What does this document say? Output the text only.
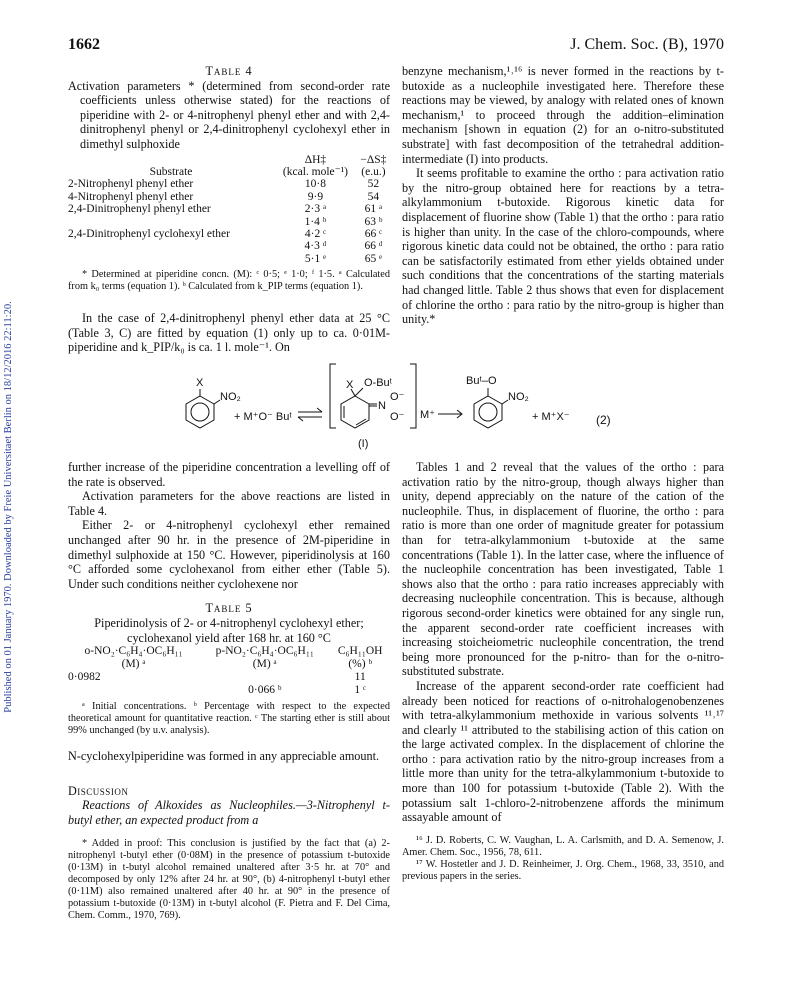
Published on 01 January 1970. Downloaded by Freie Universitaet Berlin on 18/12/2016 22:11:20.
1662	J. Chem. Soc. (B), 1970
Table 4
Activation parameters * (determined from second-order rate coefficients unless otherwise stated) for the reactions of piperidine with 2- or 4-nitrophenyl phenyl ether and with 2,4-dinitrophenyl phenyl or 2,4-dinitrophenyl cyclohexyl ether in dimethyl sulphoxide
	ΔH‡	−ΔS‡
Substrate	(kcal. mole⁻¹)	(e.u.)
2-Nitrophenyl phenyl ether	10·8	52
4-Nitrophenyl phenyl ether	9·9	54
2,4-Dinitrophenyl phenyl ether	2·3 ᵃ	61 ᵃ
	1·4 ᵇ	63 ᵇ
2,4-Dinitrophenyl cyclohexyl ether	4·2 ᶜ	66 ᶜ
	4·3 ᵈ	66 ᵈ
	5·1 ᵉ	65 ᵉ
* Determined at piperidine concn. (M): ᶜ 0·5; ᵉ 1·0; ᶠ 1·5. ᵃ Calculated from k₀ terms (equation 1). ᵇ Calculated from k_PIP terms (equation 1).

In the case of 2,4-dinitrophenyl phenyl ether data at 25 °C (Table 3, C) are fitted by equation (1) only up to ca. 0·01M-piperidine and k_PIP/k₀ is ca. 1 l. mole⁻¹. On

benzyne mechanism,¹˒¹⁶ is never formed in the reactions by t-butoxide as a nucleophile investigated here. Therefore these reactions may be viewed, by analogy with related ones of known mechanism,¹ to proceed through the addition–elimination mechanism [shown in equation (2) for an o-nitro-substituted substrate] with fast decomposition of the tetrahedral addition-intermediate (I) into products.

It seems profitable to examine the ortho : para activation ratio by the nitro-group obtained here for reactions by a tetra-alkylammonium t-butoxide. Rigorous kinetic data for displacement of fluorine show (Table 1) that the ortho : para ratio is higher than unity. In the case of the chloro-compounds, where rigorous kinetic data could not be obtained, the ortho : para ratio can be satisfactorily estimated from ether yields obtained under such conditions that the concentrations of the starting materials had changed little. Table 2 thus shows that even for displacement of chlorine the ortho : para ratio by the nitro-group is higher than unity.*

X
NO₂
+ M⁺O⁻ Buᵗ
X O-Buᵗ
N
O⁻
O⁻ M⁺
Buᵗ–O
NO₂
+ M⁺X⁻ (2)
(I)

further increase of the piperidine concentration a levelling off of the rate is observed.

Activation parameters for the above reactions are listed in Table 4.

Either 2- or 4-nitrophenyl cyclohexyl ether remained unchanged after 90 hr. in the presence of 2M-piperidine in dimethyl sulphoxide at 150 °C. However, piperidinolysis at 160 °C afforded some cyclohexanol from either ether (Table 5). Under such conditions neither cyclohexene nor

Table 5
Piperidinolysis of 2- or 4-nitrophenyl cyclohexyl ether; cyclohexanol yield after 168 hr. at 160 °C
o-NO₂·C₆H₄·OC₆H₁₁	p-NO₂·C₆H₄·OC₆H₁₁	C₆H₁₁OH
(M) ᵃ	(M) ᵃ	(%) ᵇ
0·0982		11
	0·066 ᵇ	1 ᶜ
ᵃ Initial concentrations. ᵇ Percentage with respect to the expected theoretical amount for quantitative reaction. ᶜ The starting ether is still about 99% unchanged (by u.v. analysis).

N-cyclohexylpiperidine was formed in any appreciable amount.

Discussion

Reactions of Alkoxides as Nucleophiles.—3-Nitrophenyl t-butyl ether, an expected product from a

* Added in proof: This conclusion is justified by the fact that (a) 2-nitrophenyl t-butyl ether (0·08M) in the presence of potassium t-butoxide (0·13M) in t-butyl alcohol remained unaltered after 3·5 hr. at 70° and decomposed by only 12% after 24 hr. at 90°, (b) 4-nitrophenyl t-butyl ether (0·11M) also remained unaltered after 40 hr. at 90° in the presence of potassium t-butoxide (0·13M) in t-butyl alcohol (F. Pietra and F. Del Cima, Chem. Comm., 1970, 769).

Tables 1 and 2 reveal that the values of the ortho : para activation ratio by the nitro-group, though always higher than unity, depend appreciably on the nature of the cation of the nucleophile. Thus, in displacement of fluorine, the ortho : para ratio is more than one order of magnitude greater for potassium than for tetra-alkylammonium t-butoxide at the same concentrations (Table 1). In the latter case, where the influence of the nucleophile concentration has been investigated, Table 1 shows also that the ortho : para ratio increases appreciably with decreasing nucleophile concentration. This is because, although rigorous second-order kinetics were obtained for any single run, the apparent second-order rate coefficient increases with increasing stoicheiometric nucleophile concentration, the trend being more pronounced for the p-nitro- than for the o-nitro-substituted substrate.

Increase of the apparent second-order rate coefficient had already been noticed for reactions of o-nitrohalogenobenzenes with tetra-alkylammonium methoxide in various solvents ¹¹˒¹⁷ and clearly ¹¹ attributed to the stabilising action of this cation on the large activated complex. In the displacement of chlorine the ortho : para activation ratio by the nitro-group increases from a little more than unity for the tetra-alkylammonium t-butoxide to more than 100 for potassium t-butoxide (Table 2). With the potassium salt 1-chloro-2-nitrobenzene affords the minimum assayable amount of

¹⁶ J. D. Roberts, C. W. Vaughan, L. A. Carlsmith, and D. A. Semenow, J. Amer. Chem. Soc., 1956, 78, 611.
¹⁷ W. Hostetler and J. D. Reinheimer, J. Org. Chem., 1968, 33, 3510, and previous papers in the series.
